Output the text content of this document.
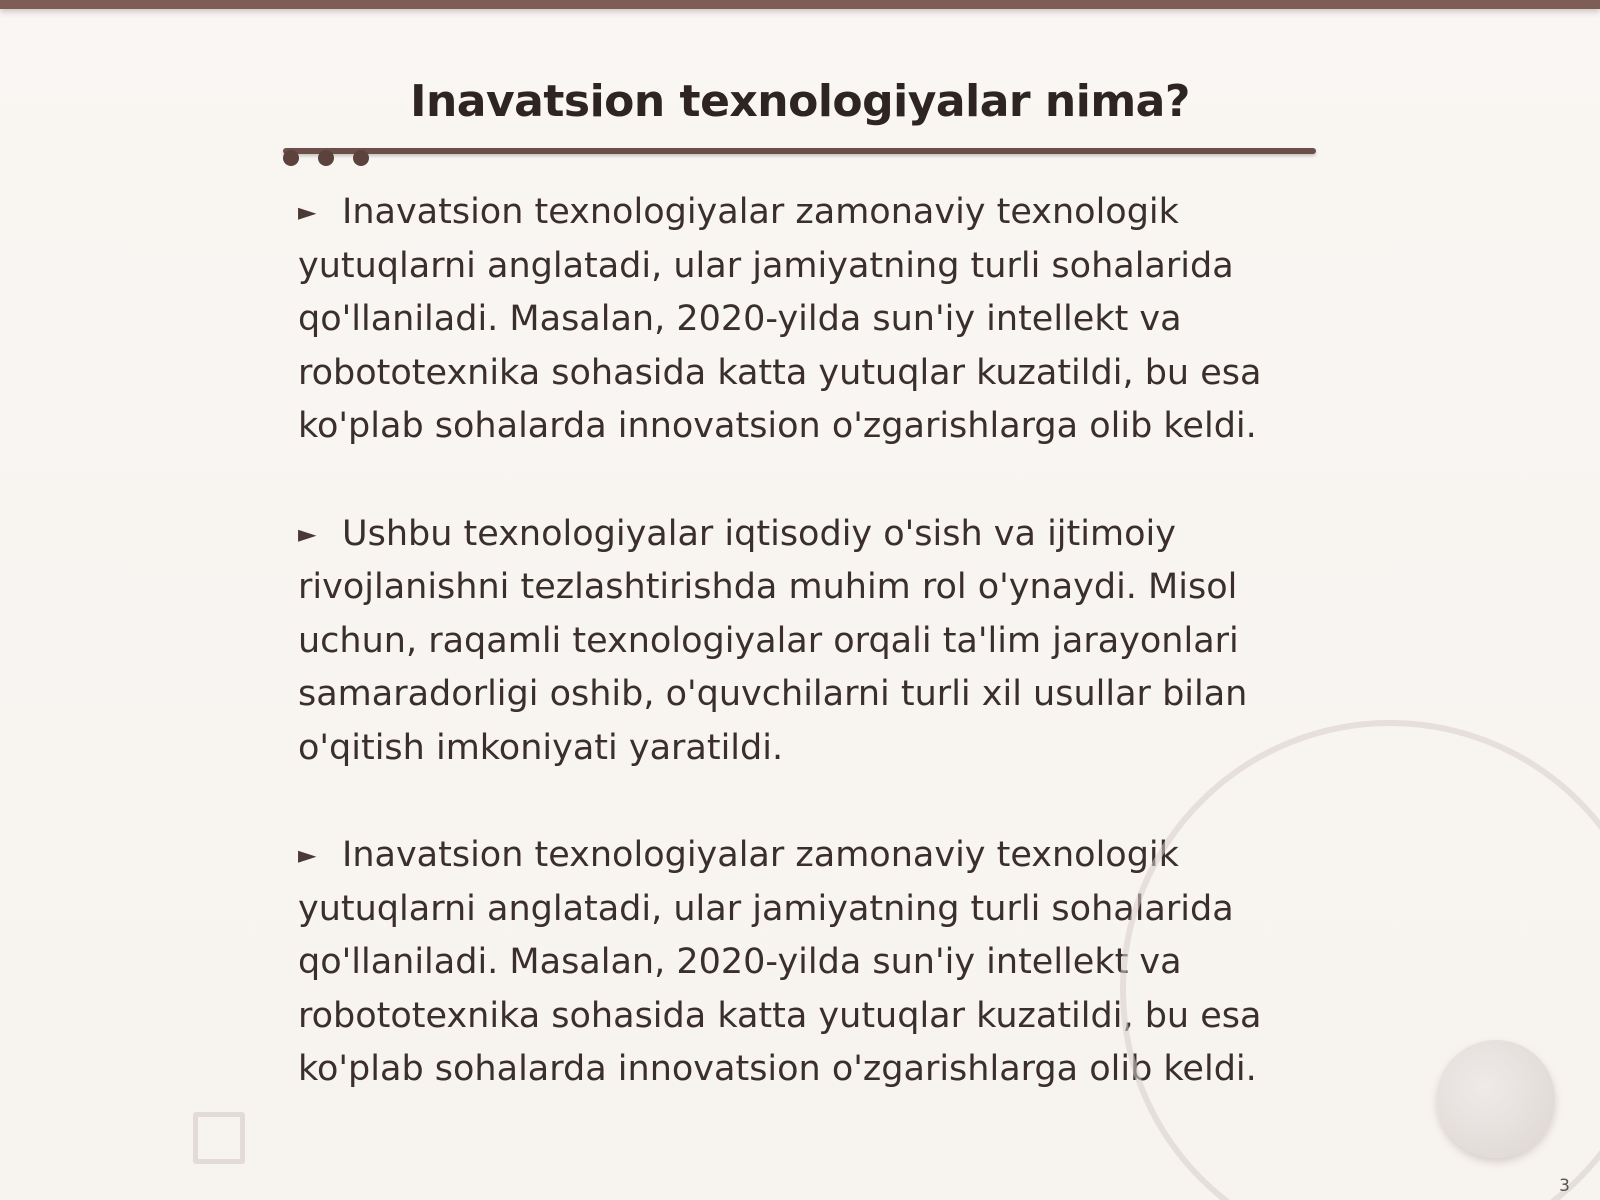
Inavatsion texnologiyalar nima?

► Inavatsion texnologiyalar zamonaviy texnologik yutuqlarni anglatadi, ular jamiyatning turli sohalarida qo'llaniladi. Masalan, 2020-yilda sun'iy intellekt va robototexnika sohasida katta yutuqlar kuzatildi, bu esa ko'plab sohalarda innovatsion o'zgarishlarga olib keldi.

► Ushbu texnologiyalar iqtisodiy o'sish va ijtimoiy rivojlanishni tezlashtirishda muhim rol o'ynaydi. Misol uchun, raqamli texnologiyalar orqali ta'lim jarayonlari samaradorligi oshib, o'quvchilarni turli xil usullar bilan o'qitish imkoniyati yaratildi.

► Inavatsion texnologiyalar zamonaviy texnologik yutuqlarni anglatadi, ular jamiyatning turli sohalarida qo'llaniladi. Masalan, 2020-yilda sun'iy intellekt va robototexnika sohasida katta yutuqlar kuzatildi, bu esa ko'plab sohalarda innovatsion o'zgarishlarga olib keldi.

3
